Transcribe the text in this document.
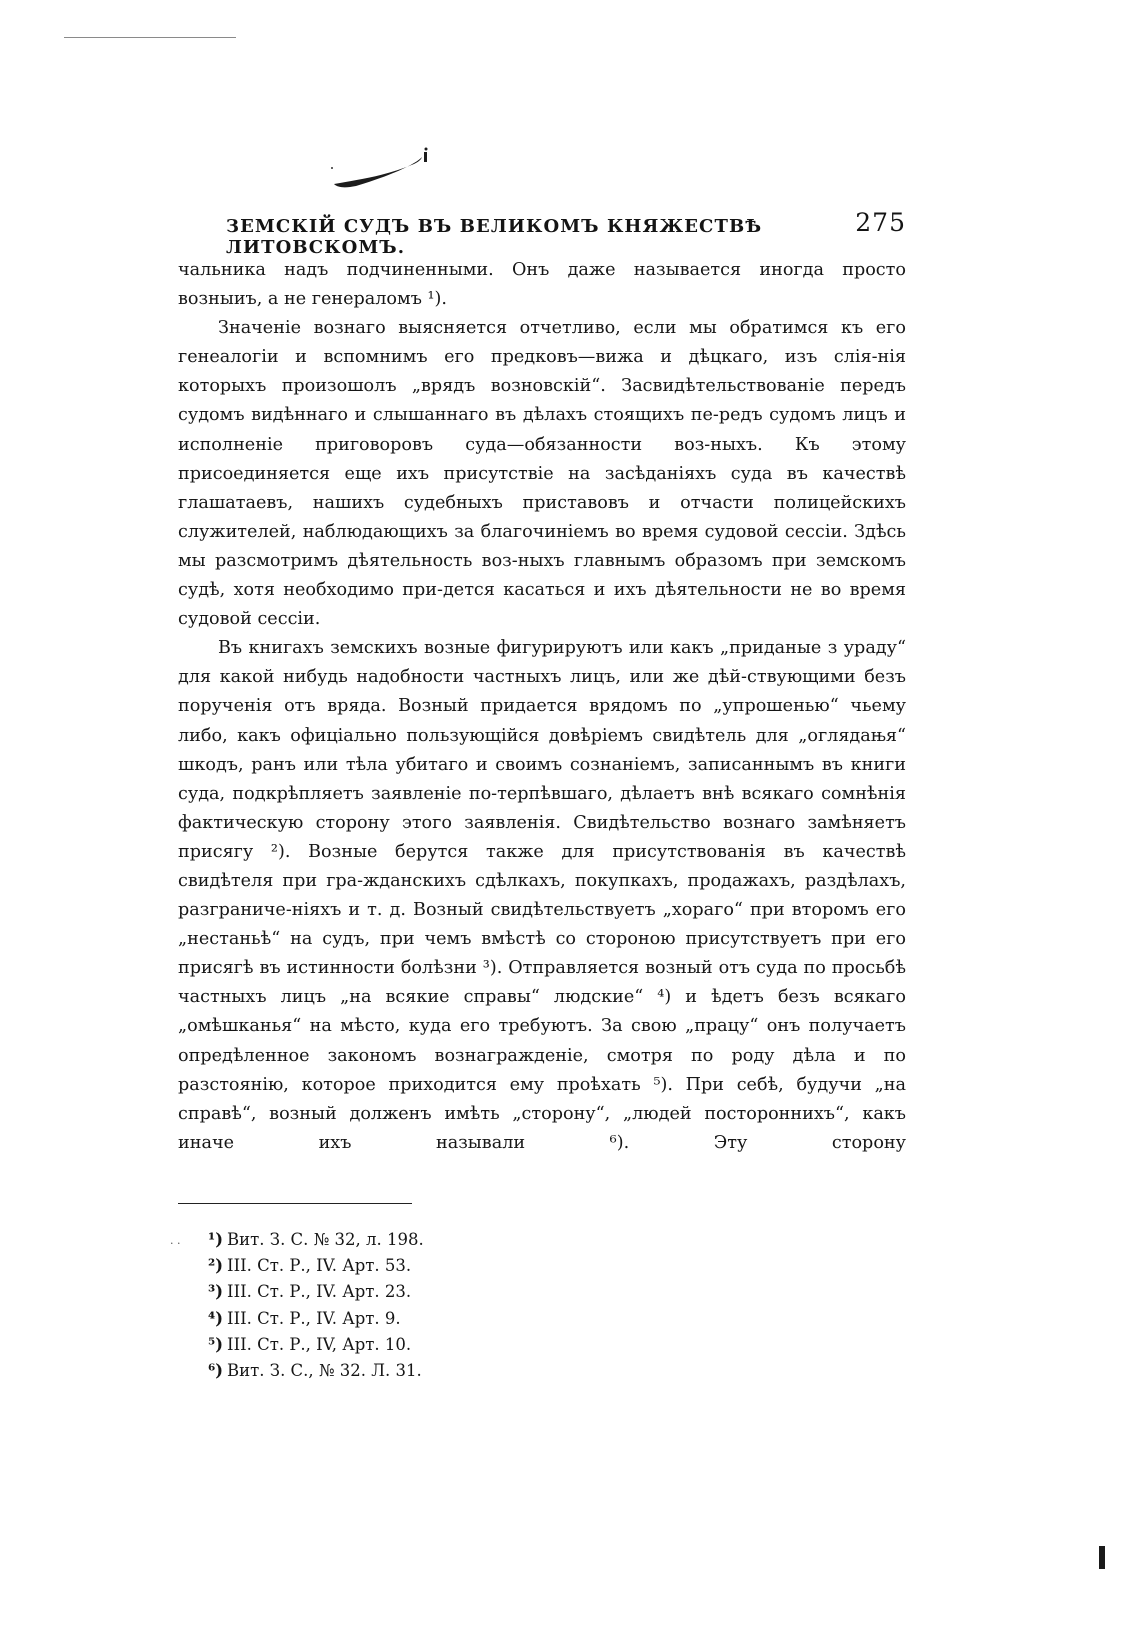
ЗЕМСКІЙ СУДЪ ВЪ ВЕЛИКОМЪ КНЯЖЕСТВѢ ЛИТОВСКОМЪ.
275

чальника надъ подчиненными. Онъ даже называется иногда просто возныиъ, а не генераломъ ¹).

Значеніе вознаго выясняется отчетливо, если мы обратимся къ его генеалогіи и вспомнимъ его предковъ—вижа и дѣцкаго, изъ слія-нія которыхъ произошолъ „врядъ возновскій“. Засвидѣтельствованіе передъ судомъ видѣннаго и слышаннаго въ дѣлахъ стоящихъ пе-редъ судомъ лицъ и исполненіе приговоровъ суда—обязанности воз-ныхъ. Къ этому присоединяется еще ихъ присутствіе на засѣданіяхъ суда въ качествѣ глашатаевъ, нашихъ судебныхъ приставовъ и отчасти полицейскихъ служителей, наблюдающихъ за благочиніемъ во время судовой сессіи. Здѣсь мы разсмотримъ дѣятельность воз-ныхъ главнымъ образомъ при земскомъ судѣ, хотя необходимо при-дется касаться и ихъ дѣятельности не во время судовой сессіи.

Въ книгахъ земскихъ возные фигурируютъ или какъ „приданые з ураду“ для какой нибудь надобности частныхъ лицъ, или же дѣй-ствующими безъ порученія отъ вряда. Возный придается врядомъ по „упрошенью“ чьему либо, какъ офиціально пользующійся довѣріемъ свидѣтель для „оглядањя“ шкодъ, ранъ или тѣла убитаго и своимъ сознаніемъ, записаннымъ въ книги суда, подкрѣпляетъ заявленіе по-терпѣвшаго, дѣлаетъ внѣ всякаго сомнѣнія фактическую сторону этого заявленія. Свидѣтельство вознаго замѣняетъ присягу ²). Возные берутся также для присутствованія въ качествѣ свидѣтеля при гра-жданскихъ сдѣлкахъ, покупкахъ, продажахъ, раздѣлахъ, разграниче-ніяхъ и т. д. Возный свидѣтельствуетъ „хораго“ при второмъ его „нестаньѣ“ на судъ, при чемъ вмѣстѣ со стороною присутствуетъ при его присягѣ въ истинности болѣзни ³). Отправляется возный отъ суда по просьбѣ частныхъ лицъ „на всякие справы“ людские“ ⁴) и ѣдетъ безъ всякаго „омѣшканья“ на мѣсто, куда его требуютъ. За свою „працу“ онъ получаетъ опредѣленное закономъ вознагражденіе, смотря по роду дѣла и по разстоянію, которое приходится ему проѣхать ⁵). При себѣ, будучи „на справѣ“, возный долженъ имѣть „сторону“, „людей постороннихъ“, какъ иначе ихъ называли ⁶). Эту сторону

. . ¹) Вит. З. С. № 32, л. 198.
²) III. Ст. Р., IV. Арт. 53.
³) III. Ст. Р., IV. Арт. 23.
⁴) III. Ст. Р., IV. Арт. 9.
⁵) III. Ст. Р., IV, Арт. 10.
⁶) Вит. З. С., № 32. Л. 31.
